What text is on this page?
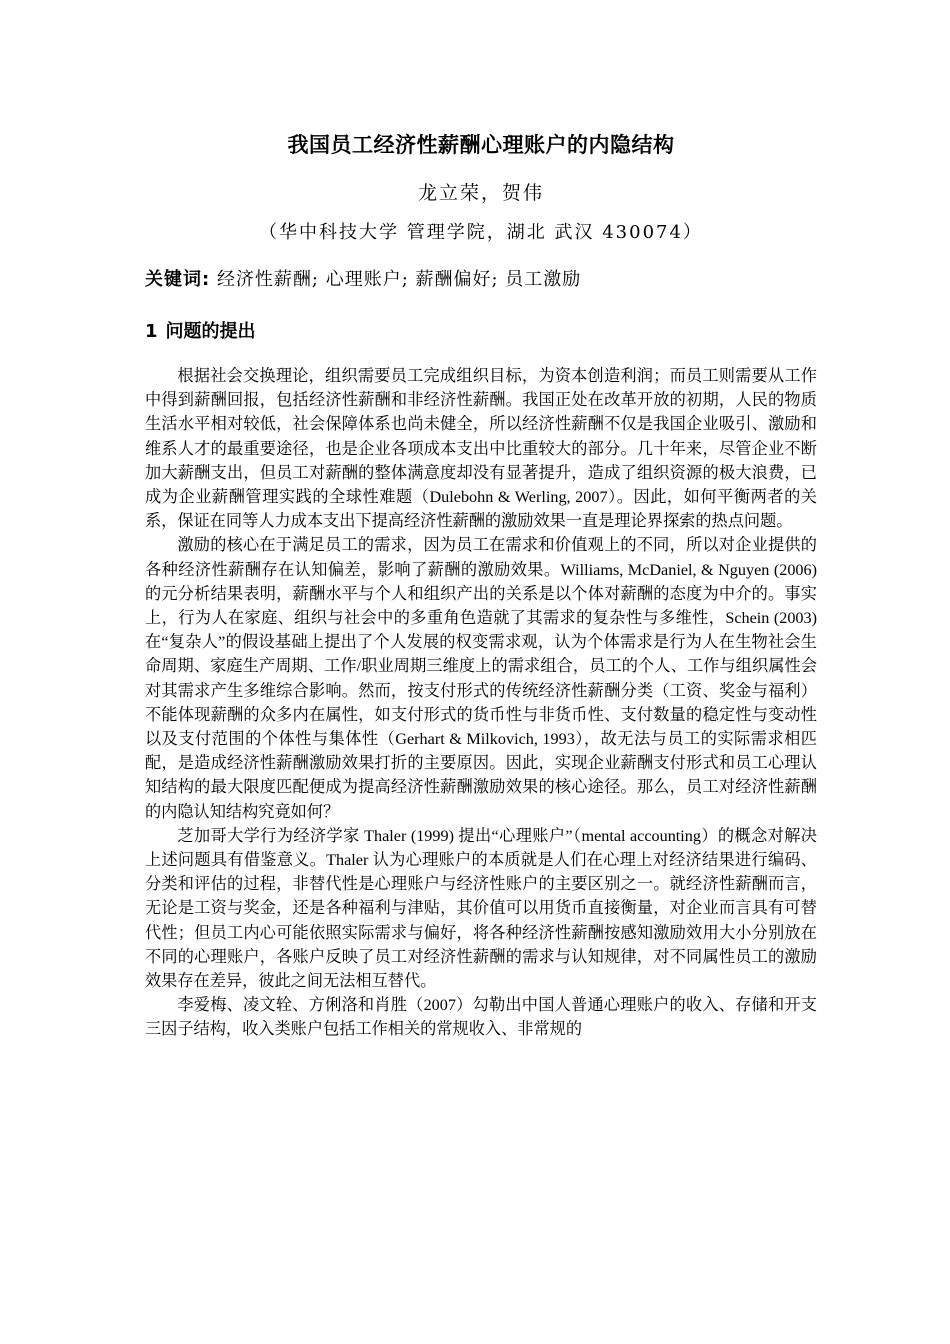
我国员工经济性薪酬心理账户的内隐结构
龙立荣，贺伟
（华中科技大学 管理学院，湖北 武汉 430074）
关键词: 经济性薪酬; 心理账户; 薪酬偏好; 员工激励
1 问题的提出

根据社会交换理论，组织需要员工完成组织目标，为资本创造利润；而员工则需要从工作中得到薪酬回报，包括经济性薪酬和非经济性薪酬。我国正处在改革开放的初期，人民的物质生活水平相对较低，社会保障体系也尚未健全，所以经济性薪酬不仅是我国企业吸引、激励和维系人才的最重要途径，也是企业各项成本支出中比重较大的部分。几十年来，尽管企业不断加大薪酬支出，但员工对薪酬的整体满意度却没有显著提升，造成了组织资源的极大浪费，已成为企业薪酬管理实践的全球性难题（Dulebohn & Werling, 2007）。因此，如何平衡两者的关系，保证在同等人力成本支出下提高经济性薪酬的激励效果一直是理论界探索的热点问题。

激励的核心在于满足员工的需求，因为员工在需求和价值观上的不同，所以对企业提供的各种经济性薪酬存在认知偏差，影响了薪酬的激励效果。Williams, McDaniel, & Nguyen (2006)的元分析结果表明，薪酬水平与个人和组织产出的关系是以个体对薪酬的态度为中介的。事实上，行为人在家庭、组织与社会中的多重角色造就了其需求的复杂性与多维性，Schein (2003)在“复杂人”的假设基础上提出了个人发展的权变需求观，认为个体需求是行为人在生物社会生命周期、家庭生产周期、工作/职业周期三维度上的需求组合，员工的个人、工作与组织属性会对其需求产生多维综合影响。然而，按支付形式的传统经济性薪酬分类（工资、奖金与福利）不能体现薪酬的众多内在属性，如支付形式的货币性与非货币性、支付数量的稳定性与变动性以及支付范围的个体性与集体性（Gerhart & Milkovich, 1993），故无法与员工的实际需求相匹配，是造成经济性薪酬激励效果打折的主要原因。因此，实现企业薪酬支付形式和员工心理认知结构的最大限度匹配便成为提高经济性薪酬激励效果的核心途径。那么，员工对经济性薪酬的内隐认知结构究竟如何？

芝加哥大学行为经济学家 Thaler (1999) 提出“心理账户”（mental accounting）的概念对解决上述问题具有借鉴意义。Thaler 认为心理账户的本质就是人们在心理上对经济结果进行编码、分类和评估的过程，非替代性是心理账户与经济性账户的主要区别之一。就经济性薪酬而言，无论是工资与奖金，还是各种福利与津贴，其价值可以用货币直接衡量，对企业而言具有可替代性；但员工内心可能依照实际需求与偏好，将各种经济性薪酬按感知激励效用大小分别放在不同的心理账户，各账户反映了员工对经济性薪酬的需求与认知规律，对不同属性员工的激励效果存在差异，彼此之间无法相互替代。

李爱梅、凌文辁、方俐洛和肖胜（2007）勾勒出中国人普通心理账户的收入、存储和开支三因子结构，收入类账户包括工作相关的常规收入、非常规的
